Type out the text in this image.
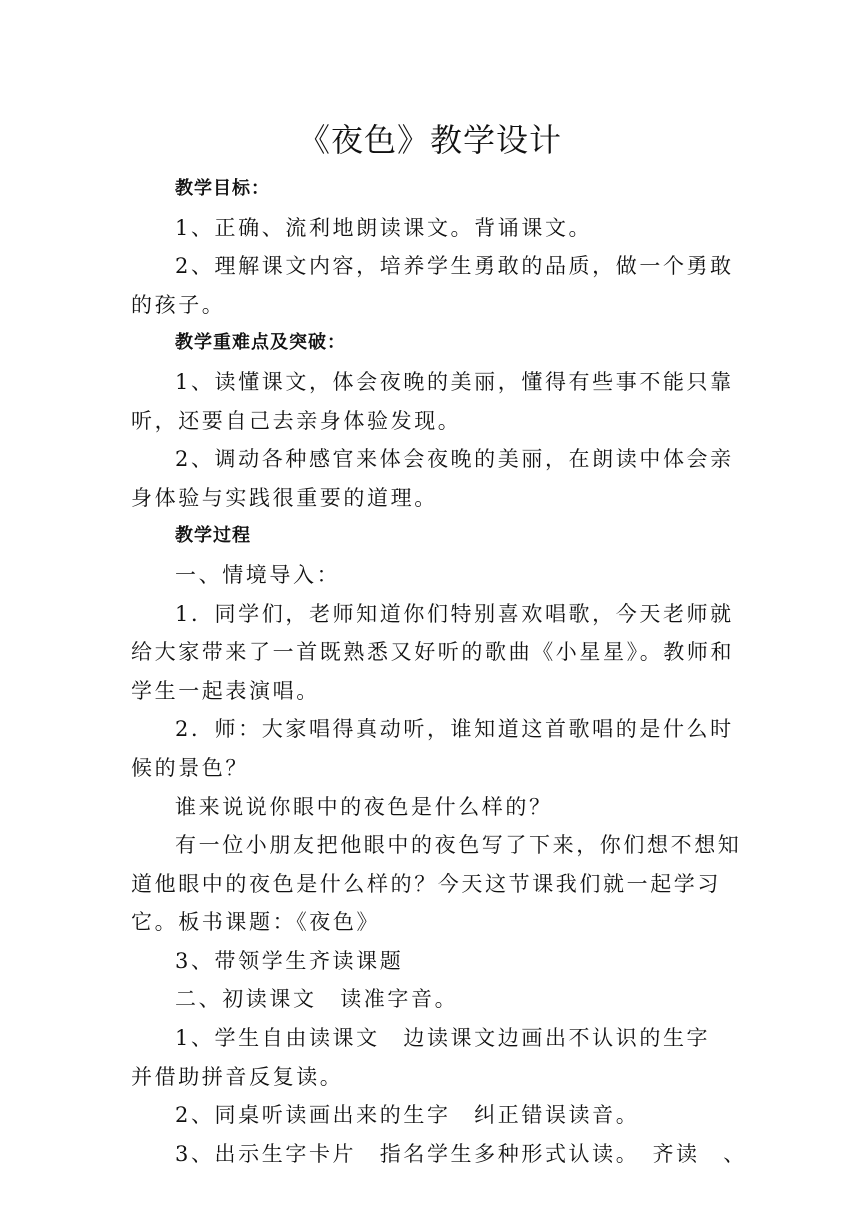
《夜色》教学设计
教学目标：
1、正确、流利地朗读课文。背诵课文。
2、理解课文内容，培养学生勇敢的品质，做一个勇敢
的孩子。
教学重难点及突破：
1、读懂课文，体会夜晚的美丽，懂得有些事不能只靠
听，还要自己去亲身体验发现。
2、调动各种感官来体会夜晚的美丽，在朗读中体会亲
身体验与实践很重要的道理。
教学过程
一、情境导入：
1．同学们，老师知道你们特别喜欢唱歌，今天老师就
给大家带来了一首既熟悉又好听的歌曲《小星星》。教师和
学生一起表演唱。
2．师：大家唱得真动听，谁知道这首歌唱的是什么时
候的景色？
谁来说说你眼中的夜色是什么样的？
有一位小朋友把他眼中的夜色写了下来，你们想不想知
道他眼中的夜色是什么样的？今天这节课我们就一起学习
它。板书课题：《夜色》
3、带领学生齐读课题
二、初读课文　读准字音。
1、学生自由读课文　边读课文边画出不认识的生字
并借助拼音反复读。
2、同桌听读画出来的生字　纠正错误读音。
3、出示生字卡片　指名学生多种形式认读。　齐读　、
